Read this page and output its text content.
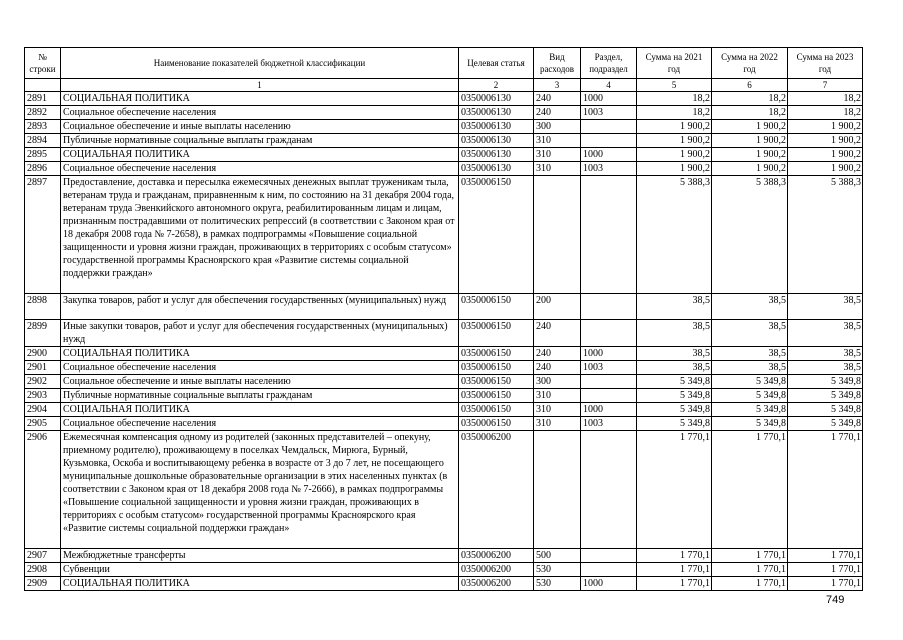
№ строки	Наименование показателей бюджетной классификации	Целевая статья	Вид расходов	Раздел, подраздел	Сумма на 2021 год	Сумма на 2022 год	Сумма на 2023 год
	1	2	3	4	5	6	7
2891	СОЦИАЛЬНАЯ ПОЛИТИКА	0350006130	240	1000	18,2	18,2	18,2
2892	Социальное обеспечение населения	0350006130	240	1003	18,2	18,2	18,2
2893	Социальное обеспечение и иные выплаты населению	0350006130	300		1 900,2	1 900,2	1 900,2
2894	Публичные нормативные социальные выплаты гражданам	0350006130	310		1 900,2	1 900,2	1 900,2
2895	СОЦИАЛЬНАЯ ПОЛИТИКА	0350006130	310	1000	1 900,2	1 900,2	1 900,2
2896	Социальное обеспечение населения	0350006130	310	1003	1 900,2	1 900,2	1 900,2
2897	Предоставление, доставка и пересылка ежемесячных денежных выплат труженикам тыла, ветеранам труда и гражданам, приравненным к ним, по состоянию на 31 декабря 2004 года, ветеранам труда Эвенкийского автономного округа, реабилитированным лицам и лицам, признанным пострадавшими от политических репрессий (в соответствии с Законом края от 18 декабря 2008 года № 7-2658), в рамках подпрограммы «Повышение социальной защищенности и уровня жизни граждан, проживающих в территориях с особым статусом» государственной программы Красноярского края «Развитие системы социальной поддержки граждан»	0350006150			5 388,3	5 388,3	5 388,3
2898	Закупка товаров, работ и услуг для обеспечения государственных (муниципальных) нужд	0350006150	200		38,5	38,5	38,5
2899	Иные закупки товаров, работ и услуг для обеспечения государственных (муниципальных) нужд	0350006150	240		38,5	38,5	38,5
2900	СОЦИАЛЬНАЯ ПОЛИТИКА	0350006150	240	1000	38,5	38,5	38,5
2901	Социальное обеспечение населения	0350006150	240	1003	38,5	38,5	38,5
2902	Социальное обеспечение и иные выплаты населению	0350006150	300		5 349,8	5 349,8	5 349,8
2903	Публичные нормативные социальные выплаты гражданам	0350006150	310		5 349,8	5 349,8	5 349,8
2904	СОЦИАЛЬНАЯ ПОЛИТИКА	0350006150	310	1000	5 349,8	5 349,8	5 349,8
2905	Социальное обеспечение населения	0350006150	310	1003	5 349,8	5 349,8	5 349,8
2906	Ежемесячная компенсация одному из родителей (законных представителей – опекуну, приемному родителю), проживающему в поселках Чемдальск, Мирюга, Бурный, Кузьмовка, Оскоба и воспитывающему ребенка в возрасте от 3 до 7 лет, не посещающего муниципальные дошкольные образовательные организации в этих населенных пунктах (в соответствии с Законом края от 18 декабря 2008 года № 7-2666), в рамках подпрограммы «Повышение социальной защищенности и уровня жизни граждан, проживающих в территориях с особым статусом» государственной программы Красноярского края «Развитие системы социальной поддержки граждан»	0350006200			1 770,1	1 770,1	1 770,1
2907	Межбюджетные трансферты	0350006200	500		1 770,1	1 770,1	1 770,1
2908	Субвенции	0350006200	530		1 770,1	1 770,1	1 770,1
2909	СОЦИАЛЬНАЯ ПОЛИТИКА	0350006200	530	1000	1 770,1	1 770,1	1 770,1
749
